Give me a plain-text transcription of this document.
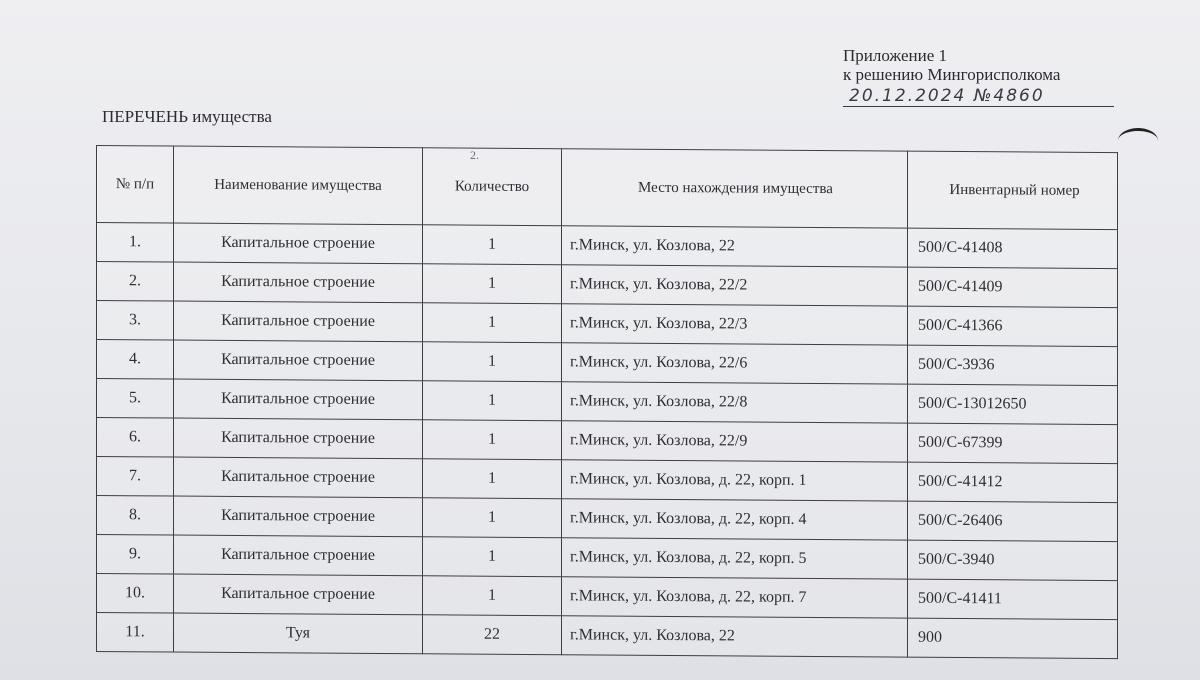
Приложение 1
к решению Мингорисполкома
20.12.2024 №4860
ПЕРЕЧЕНЬ имущества
2.
№ п/п	Наименование имущества	Количество	Место нахождения имущества	Инвентарный номер
1.	Капитальное строение	1	г.Минск, ул. Козлова, 22	500/С-41408
2.	Капитальное строение	1	г.Минск, ул. Козлова, 22/2	500/С-41409
3.	Капитальное строение	1	г.Минск, ул. Козлова, 22/3	500/С-41366
4.	Капитальное строение	1	г.Минск, ул. Козлова, 22/6	500/С-3936
5.	Капитальное строение	1	г.Минск, ул. Козлова, 22/8	500/С-13012650
6.	Капитальное строение	1	г.Минск, ул. Козлова, 22/9	500/С-67399
7.	Капитальное строение	1	г.Минск, ул. Козлова, д. 22, корп. 1	500/С-41412
8.	Капитальное строение	1	г.Минск, ул. Козлова, д. 22, корп. 4	500/С-26406
9.	Капитальное строение	1	г.Минск, ул. Козлова, д. 22, корп. 5	500/С-3940
10.	Капитальное строение	1	г.Минск, ул. Козлова, д. 22, корп. 7	500/С-41411
11.	Туя	22	г.Минск, ул. Козлова, 22	900
